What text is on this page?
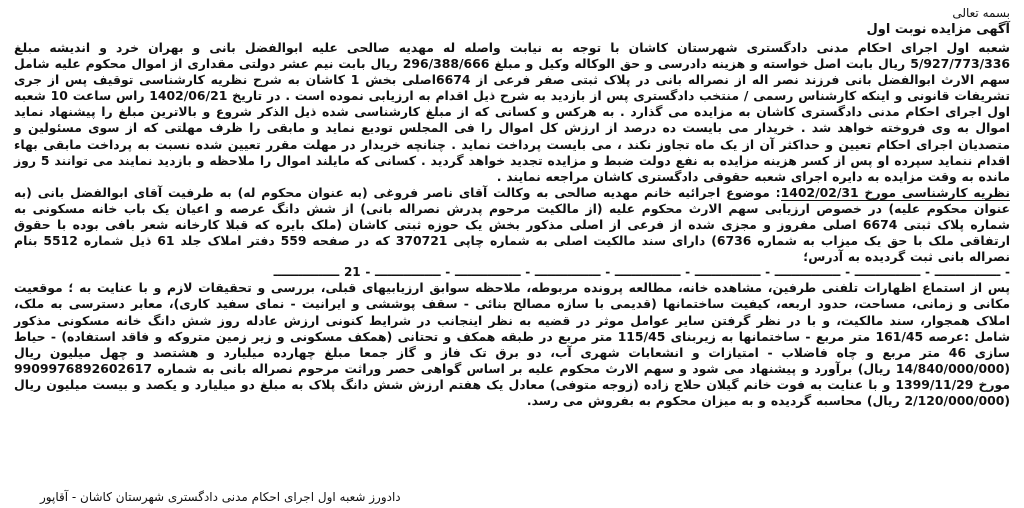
بسمه تعالی
آگهی مزایده نوبت اول

شعبه اول اجرای احکام مدنی دادگستری شهرستان کاشان با توجه به نیابت واصله له مهدیه صالحی علیه ابوالفضل بانی و بهران خرد و اندیشه مبلغ 5/927/773/336 ریال بابت اصل خواسته و هزینه دادرسی و حق الوکاله وکیل و مبلغ 296/388/666 ریال بابت نیم عشر دولتی مقداری از اموال محکوم علیه شامل سهم الارث ابوالفضل بانی فرزند نصر اله از نصراله بانی در پلاک ثبتی صفر فرعی از 6674اصلی بخش 1 کاشان به شرح نظریه کارشناسی توقیف پس از جری تشریفات قانونی و اینکه کارشناس رسمی / منتخب دادگستری پس از بازدید به شرح ذیل اقدام به ارزیابی نموده است . در تاریخ 1402/06/21 راس ساعت 10 شعبه اول اجرای احکام مدنی دادگستری کاشان به مزایده می گذارد . به هرکس و کسانی که از مبلغ کارشناسی شده ذیل الذکر شروع و بالاترین مبلغ را پیشنهاد نماید اموال به وی فروخته خواهد شد . خریدار می بایست ده درصد از ارزش کل اموال را فی المجلس تودیع نماید و مابقی را ظرف مهلتی که از سوی مسئولین و متصدیان اجرای احکام تعیین و حداکثر آن از یک ماه تجاوز نکند ، می بایست پرداخت نماید . چنانچه خریدار در مهلت مقرر تعیین شده نسبت به پرداخت مابقی بهاء اقدام ننماید سپرده او پس از کسر هزینه مزایده به نفع دولت ضبط و مزایده تجدید خواهد گردید . کسانی که مایلند اموال را ملاحظه و بازدید نمایند می توانند 5 روز مانده به وقت مزایده به دایره اجرای شعبه حقوقی دادگستری کاشان مراجعه نمایند .

نظریه کارشناسی مورخ 1402/02/31: موضوع اجرائیه خانم مهدیه صالحی به وکالت آقای ناصر فروغی (به عنوان محکوم له) به طرفیت آقای ابوالفضل بانی (به عنوان محکوم علیه) در خصوص ارزیابی سهم الارث محکوم علیه (از مالکیت مرحوم پدرش نصراله بانی) از شش دانگ عرصه و اعیان یک باب خانه مسکونی به شماره پلاک ثبتی 6674 اصلی مفروز و مجزی شده از فرعی از اصلی مذکور بخش یک حوزه ثبتی کاشان (ملک بایره که قبلا کارخانه شعر بافی بوده با حقوق ارتفاقی ملک با حق یک میزاب به شماره 6736) دارای سند مالکیت اصلی به شماره چاپی 370721 که در صفحه 559 دفتر املاک جلد 61 ذیل شماره 5512 بنام نصراله بانی ثبت گردیده به آدرس؛

- ــــــــــــــــ - ــــــــــــــــ - ــــــــــــــــ - ــــــــــــــــ - ــــــــــــــــ - ــــــــــــــــ - ــــــــــــــــ - ــــــــــــــــ - 21 ــــــــــــــــ

پس از استماع اظهارات تلفنی طرفین، مشاهده خانه، مطالعه پرونده مربوطه، ملاحظه سوابق ارزیابیهای قبلی، بررسی و تحقیقات لازم و با عنایت به ؛ موقعیت مکانی و زمانی، مساحت، حدود اربعه، کیفیت ساختمانها (قدیمی با سازه مصالح بنائی - سقف پوششی و ایرانیت - نمای سفید کاری)، معابر دسترسی به ملک، املاک همجوار، سند مالکیت، و با در نظر گرفتن سایر عوامل موثر در قضیه به نظر اینجانب در شرایط کنونی ارزش عادله روز شش دانگ خانه مسکونی مذکور شامل :عرصه 161/45 متر مربع - ساختمانها به زیربنای 115/45 متر مربع در طبقه همکف و تحتانی (همکف مسکونی و زیر زمین متروکه و فاقد استفاده) - حیاط سازی 46 متر مربع و چاه فاضلاب - امتیازات و انشعابات شهری آب، دو برق تک فاز و گاز جمعا مبلغ چهارده میلیارد و هشتصد و چهل میلیون ریال (14/840/000/000 ریال) برآورد و پیشنهاد می شود و سهم الارث محکوم علیه بر اساس گواهی حصر وراثت مرحوم نصراله بانی به شماره 9909976892602617 مورخ 1399/11/29 و با عنایت به فوت خانم گیلان حلاج زاده (زوجه متوفی) معادل یک هفتم ارزش شش دانگ پلاک به مبلغ دو میلیارد و یکصد و بیست میلیون ریال (2/120/000/000 ریال) محاسبه گردیده و به میزان محکوم به بفروش می رسد.

دادورز شعبه اول اجرای احکام مدنی دادگستری شهرستان کاشان - آقاپور
